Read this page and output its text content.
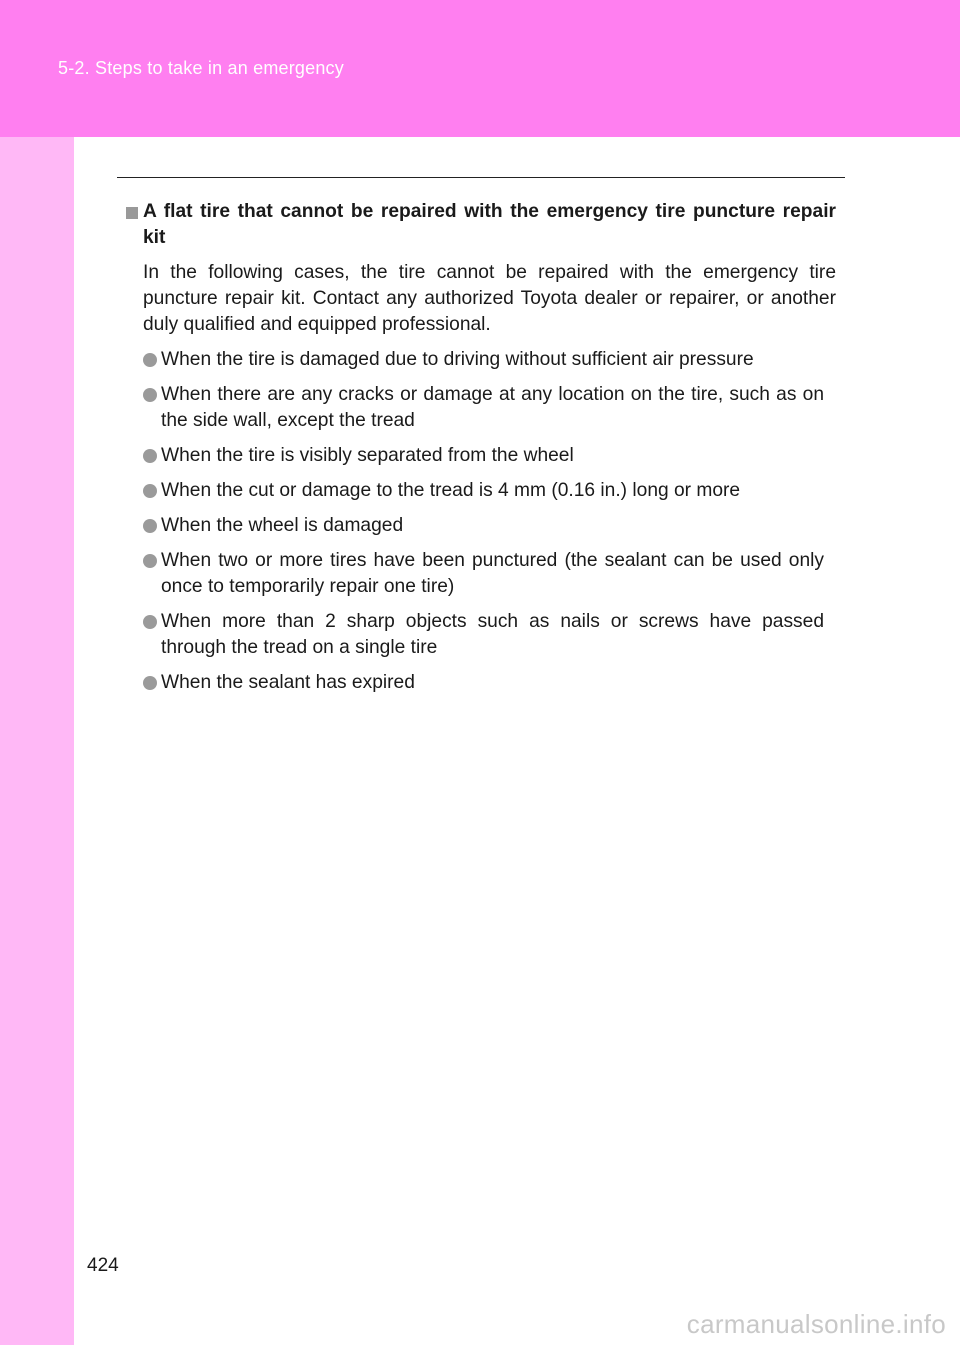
5-2. Steps to take in an emergency
A flat tire that cannot be repaired with the emergency tire puncture repair kit

In the following cases, the tire cannot be repaired with the emergency tire puncture repair kit. Contact any authorized Toyota dealer or repairer, or another duly qualified and equipped professional.

When the tire is damaged due to driving without sufficient air pressure
When there are any cracks or damage at any location on the tire, such as on the side wall, except the tread
When the tire is visibly separated from the wheel
When the cut or damage to the tread is 4 mm (0.16 in.) long or more
When the wheel is damaged
When two or more tires have been punctured (the sealant can be used only once to temporarily repair one tire)
When more than 2 sharp objects such as nails or screws have passed through the tread on a single tire
When the sealant has expired
424
carmanualsonline.info
